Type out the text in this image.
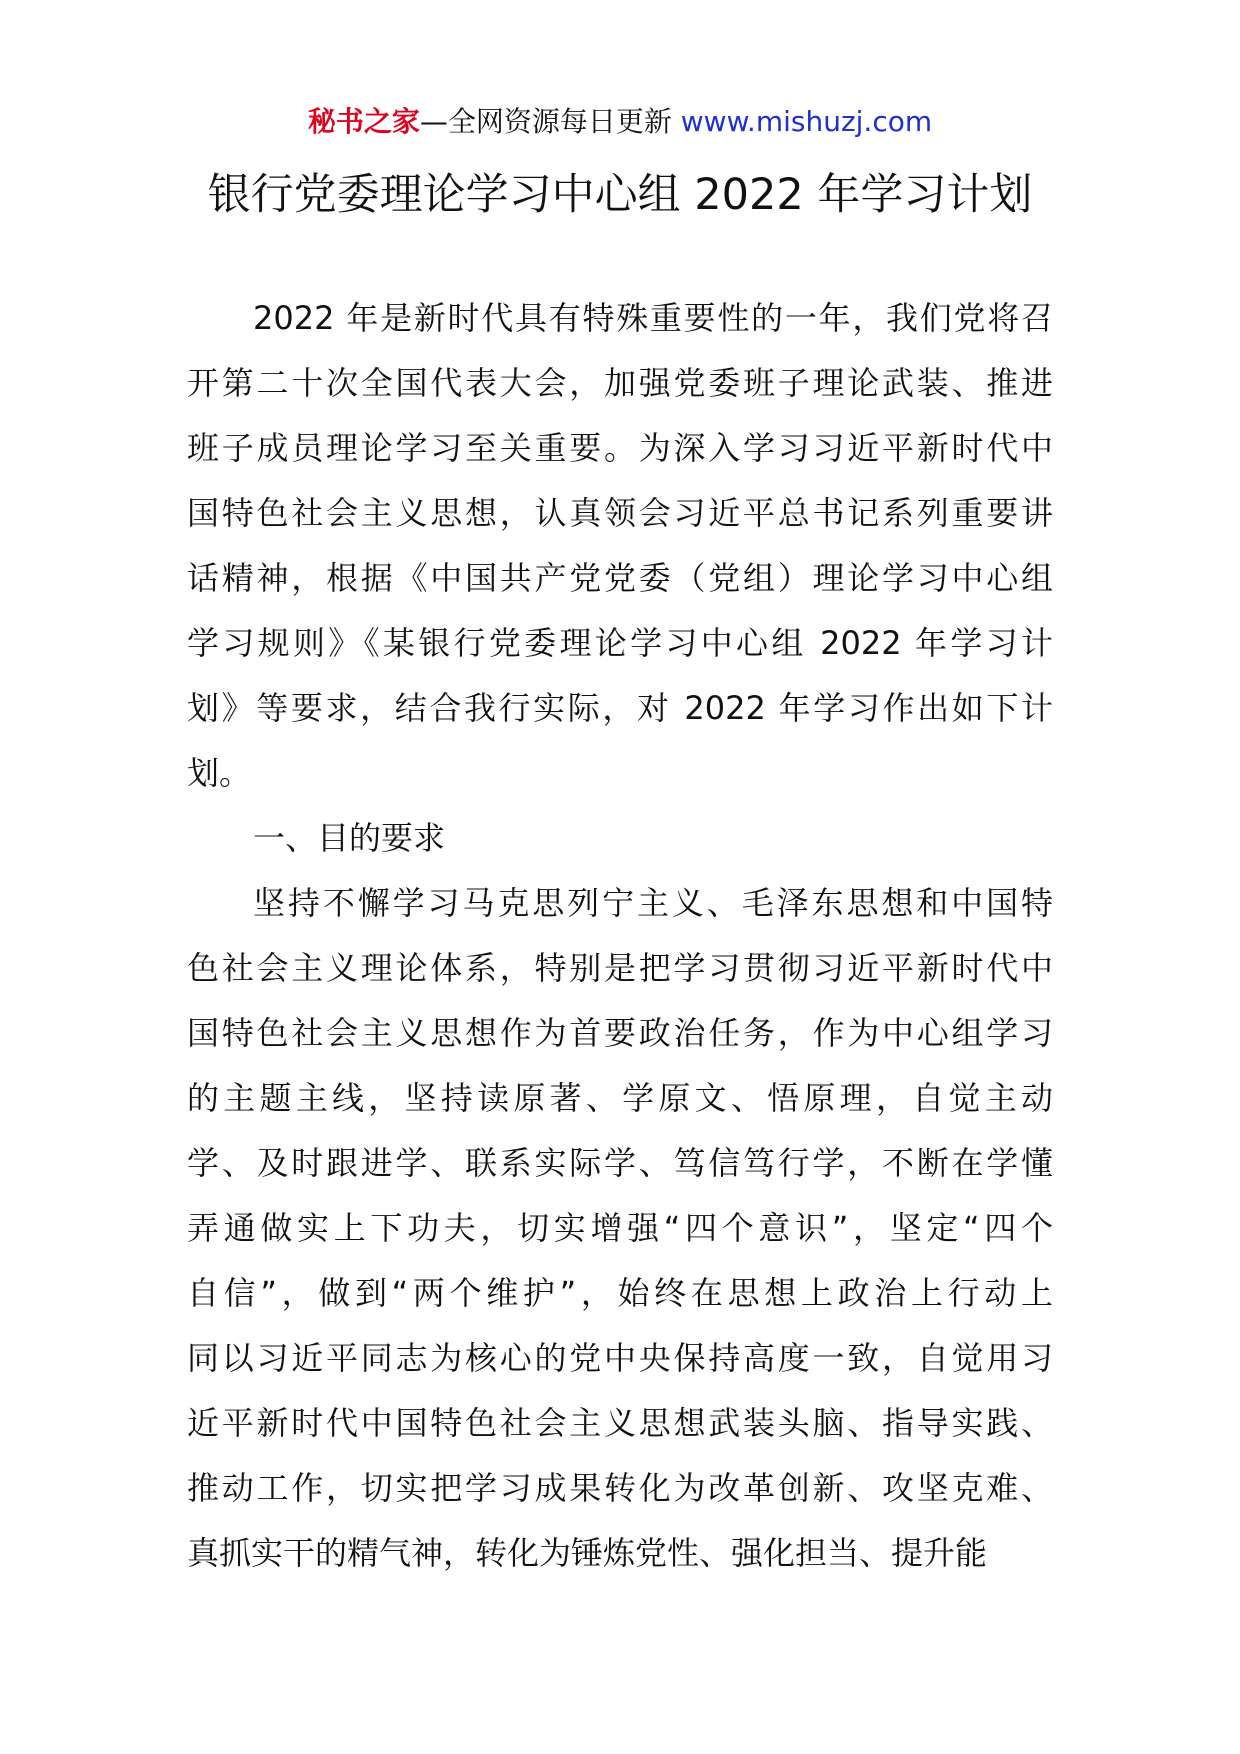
秘书之家—全网资源每日更新 www.mishuzj.com
银行党委理论学习中心组 2022 年学习计划
2022 年是新时代具有特殊重要性的一年，我们党将召
开第二十次全国代表大会，加强党委班子理论武装、推进
班子成员理论学习至关重要。为深入学习习近平新时代中
国特色社会主义思想，认真领会习近平总书记系列重要讲
话精神，根据《中国共产党党委（党组）理论学习中心组
学习规则》《某银行党委理论学习中心组 2022 年学习计
划》等要求，结合我行实际，对 2022 年学习作出如下计
划。
一、目的要求
坚持不懈学习马克思列宁主义、毛泽东思想和中国特
色社会主义理论体系，特别是把学习贯彻习近平新时代中
国特色社会主义思想作为首要政治任务，作为中心组学习
的主题主线，坚持读原著、学原文、悟原理，自觉主动
学、及时跟进学、联系实际学、笃信笃行学，不断在学懂
弄通做实上下功夫，切实增强“四个意识”，坚定“四个
自信”，做到“两个维护”，始终在思想上政治上行动上
同以习近平同志为核心的党中央保持高度一致，自觉用习
近平新时代中国特色社会主义思想武装头脑、指导实践、
推动工作，切实把学习成果转化为改革创新、攻坚克难、
真抓实干的精气神，转化为锤炼党性、强化担当、提升能
